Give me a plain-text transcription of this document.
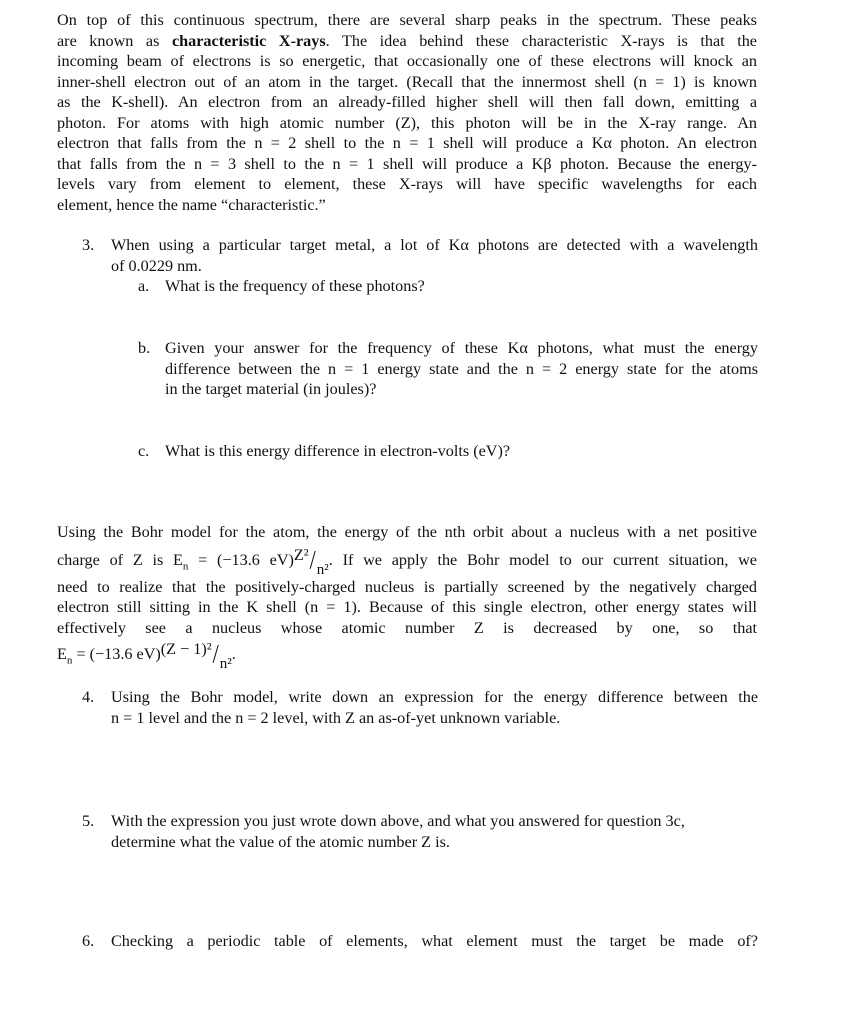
On top of this continuous spectrum, there are several sharp peaks in the spectrum. These peaks
are known as characteristic X-rays. The idea behind these characteristic X-rays is that the
incoming beam of electrons is so energetic, that occasionally one of these electrons will knock an
inner-shell electron out of an atom in the target. (Recall that the innermost shell (n = 1) is known
as the K-shell). An electron from an already-filled higher shell will then fall down, emitting a
photon. For atoms with high atomic number (Z), this photon will be in the X-ray range. An
electron that falls from the n = 2 shell to the n = 1 shell will produce a Kα photon. An electron
that falls from the n = 3 shell to the n = 1 shell will produce a Kβ photon. Because the energy-
levels vary from element to element, these X-rays will have specific wavelengths for each
element, hence the name “characteristic.”
3. When using a particular target metal, a lot of Kα photons are detected with a wavelength
of 0.0229 nm.
a. What is the frequency of these photons?
b. Given your answer for the frequency of these Kα photons, what must the energy
difference between the n = 1 energy state and the n = 2 energy state for the atoms
in the target material (in joules)?
c. What is this energy difference in electron-volts (eV)?
Using the Bohr model for the atom, the energy of the nth orbit about a nucleus with a net positive
charge of Z is $E_n = (-13.6$ eV)Z²/n². If we apply the Bohr model to our current situation, we
need to realize that the positively-charged nucleus is partially screened by the negatively charged
electron still sitting in the K shell (n = 1). Because of this single electron, other energy states will
effectively see a nucleus whose atomic number Z is decreased by one, so that
$E_n = (-13.6$ eV)(Z − 1)²/n².
4. Using the Bohr model, write down an expression for the energy difference between the
n = 1 level and the n = 2 level, with Z an as-of-yet unknown variable.
5. With the expression you just wrote down above, and what you answered for question 3c,
determine what the value of the atomic number Z is.
6. Checking a periodic table of elements, what element must the target be made of?
